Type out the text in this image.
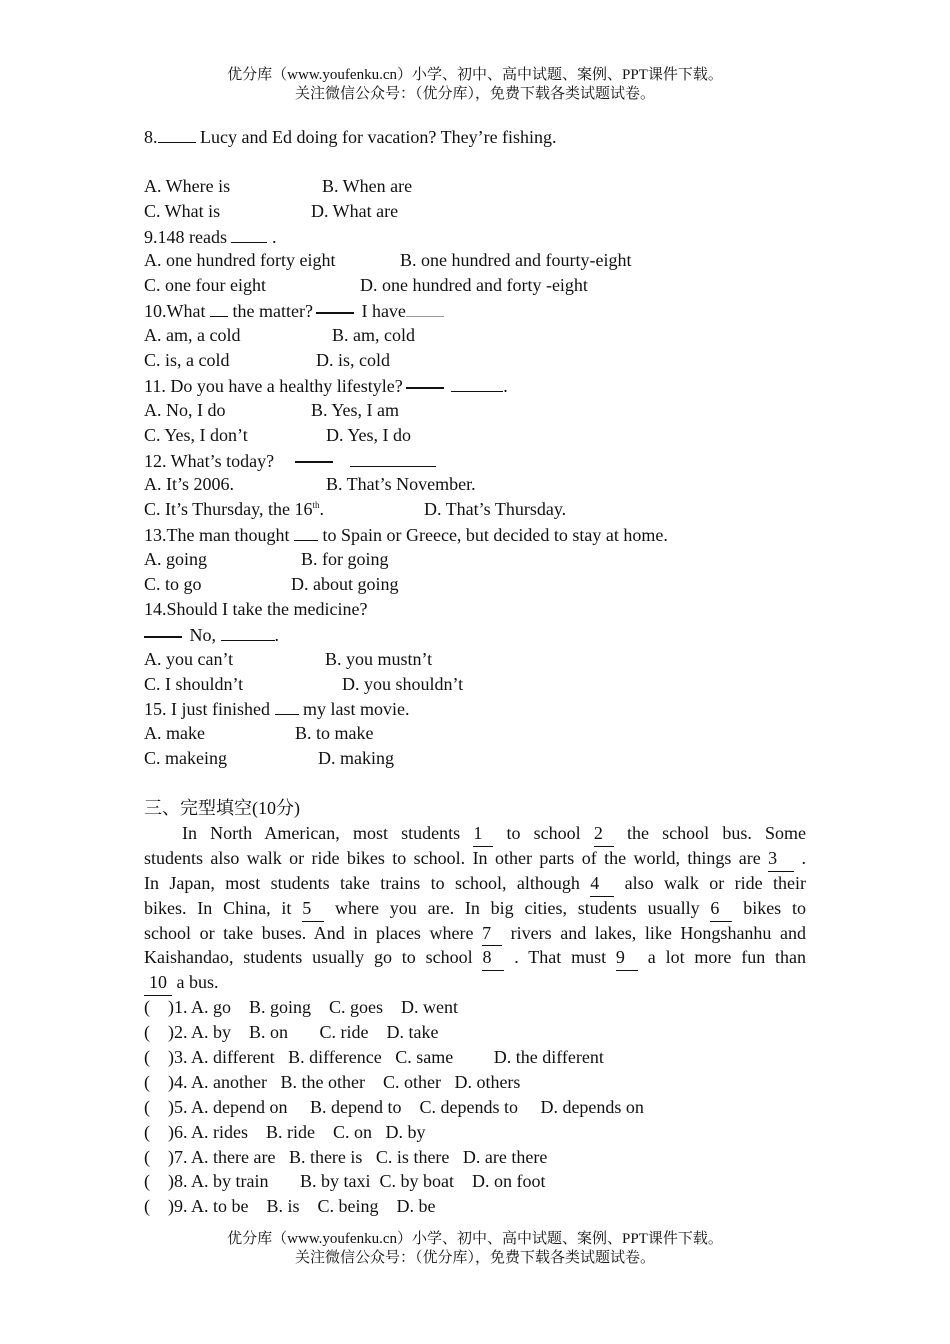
优分库（www.youfenku.cn）小学、初中、高中试题、案例、PPT课件下载。
关注微信公众号：（优分库），免费下载各类试题试卷。
8. Lucy and Ed doing for vacation? They’re fishing.
A. Where is	B. When are
C. What is	D. What are
9.148 reads  .
A. one hundred forty eight	B. one hundred and fourty-eight
C. one four eight	D. one hundred and forty -eight
10.What  the matter? I have
A. am, a cold	B. am, cold
C. is, a cold	D. is, cold
11. Do you have a healthy lifestyle?	.
A. No, I do	B. Yes, I am
C. Yes, I don’t	D. Yes, I do
12. What’s today?
A. It’s 2006.	B. That’s November.
C. It’s Thursday, the 16th.	D. That’s Thursday.
13.The man thought  to Spain or Greece, but decided to stay at home.
A. going	B. for going
C. to go	D. about going
14.Should I take the medicine?
No,	.
A. you can’t	B. you mustn’t
C. I shouldn’t	D. you shouldn’t
15. I just finished  my last movie.
A. make	B. to make
C. makeing	D. making
三、完型填空(10分)
In North American, most students 1 to school 2 the school bus. Some
students also walk or ride bikes to school. In other parts of the world, things are 3 .
In Japan, most students take trains to school, although 4 also walk or ride their
bikes. In China, it 5 where you are. In big cities, students usually 6 bikes to
school or take buses. And in places where 7 rivers and lakes, like Hongshanhu and
Kaishandao, students usually go to school 8 . That must 9 a lot more fun than
10 a bus.
(    )1. A. go    B. going    C. goes    D. went
(    )2. A. by    B. on       C. ride    D. take
(    )3. A. different   B. difference   C. same         D. the different
(    )4. A. another   B. the other    C. other   D. others
(    )5. A. depend on     B. depend to    C. depends to     D. depends on
(    )6. A. rides    B. ride    C. on   D. by
(    )7. A. there are   B. there is   C. is there   D. are there
(    )8. A. by train       B. by taxi  C. by boat    D. on foot
(    )9. A. to be    B. is    C. being    D. be
优分库（www.youfenku.cn）小学、初中、高中试题、案例、PPT课件下载。
关注微信公众号：（优分库），免费下载各类试题试卷。
